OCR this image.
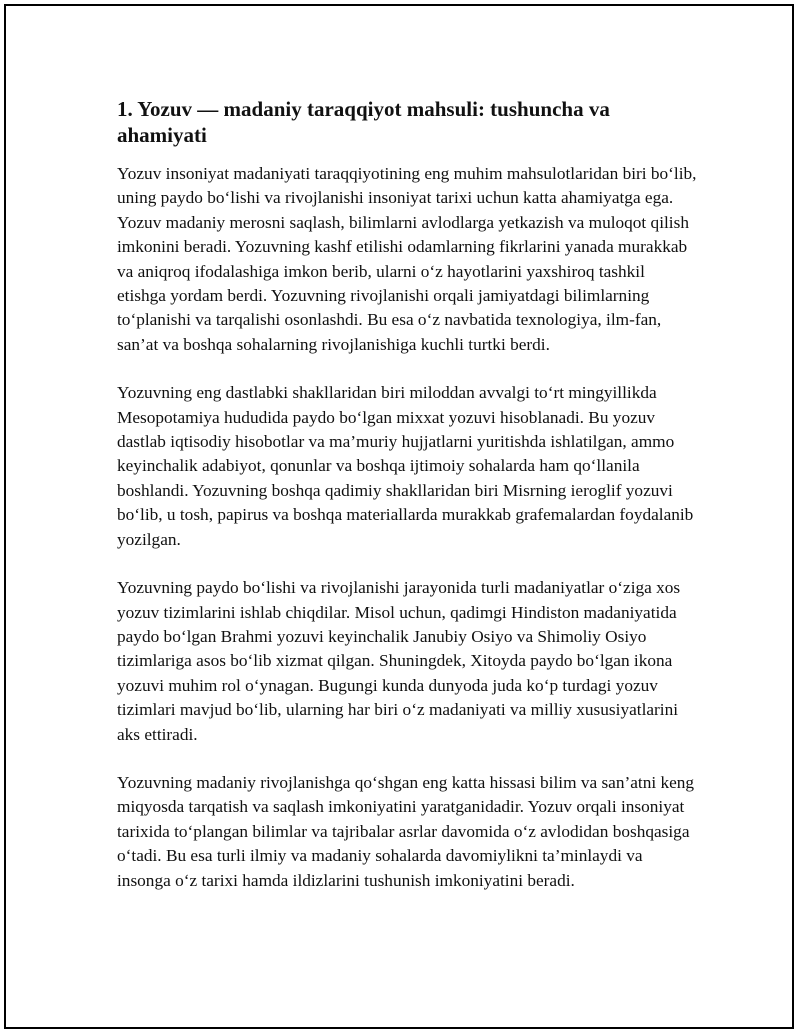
1. Yozuv — madaniy taraqqiyot mahsuli: tushuncha va ahamiyati

Yozuv insoniyat madaniyati taraqqiyotining eng muhim mahsulotlaridan biri bo‘lib, uning paydo bo‘lishi va rivojlanishi insoniyat tarixi uchun katta ahamiyatga ega. Yozuv madaniy merosni saqlash, bilimlarni avlodlarga yetkazish va muloqot qilish imkonini beradi. Yozuvning kashf etilishi odamlarning fikrlarini yanada murakkab va aniqroq ifodalashiga imkon berib, ularni o‘z hayotlarini yaxshiroq tashkil etishga yordam berdi. Yozuvning rivojlanishi orqali jamiyatdagi bilimlarning to‘planishi va tarqalishi osonlashdi. Bu esa o‘z navbatida texnologiya, ilm-fan, san’at va boshqa sohalarning rivojlanishiga kuchli turtki berdi.

Yozuvning eng dastlabki shakllaridan biri miloddan avvalgi to‘rt mingyillikda Mesopotamiya hududida paydo bo‘lgan mixxat yozuvi hisoblanadi. Bu yozuv dastlab iqtisodiy hisobotlar va ma’muriy hujjatlarni yuritishda ishlatilgan, ammo keyinchalik adabiyot, qonunlar va boshqa ijtimoiy sohalarda ham qo‘llanila boshlandi. Yozuvning boshqa qadimiy shakllaridan biri Misrning ieroglif yozuvi bo‘lib, u tosh, papirus va boshqa materiallarda murakkab grafemalardan foydalanib yozilgan.

Yozuvning paydo bo‘lishi va rivojlanishi jarayonida turli madaniyatlar o‘ziga xos yozuv tizimlarini ishlab chiqdilar. Misol uchun, qadimgi Hindiston madaniyatida paydo bo‘lgan Brahmi yozuvi keyinchalik Janubiy Osiyo va Shimoliy Osiyo tizimlariga asos bo‘lib xizmat qilgan. Shuningdek, Xitoyda paydo bo‘lgan ikona yozuvi muhim rol o‘ynagan. Bugungi kunda dunyoda juda ko‘p turdagi yozuv tizimlari mavjud bo‘lib, ularning har biri o‘z madaniyati va milliy xususiyatlarini aks ettiradi.

Yozuvning madaniy rivojlanishga qo‘shgan eng katta hissasi bilim va san’atni keng miqyosda tarqatish va saqlash imkoniyatini yaratganidadir. Yozuv orqali insoniyat tarixida to‘plangan bilimlar va tajribalar asrlar davomida o‘z avlodidan boshqasiga o‘tadi. Bu esa turli ilmiy va madaniy sohalarda davomiylikni ta’minlaydi va insonga o‘z tarixi hamda ildizlarini tushunish imkoniyatini beradi.
